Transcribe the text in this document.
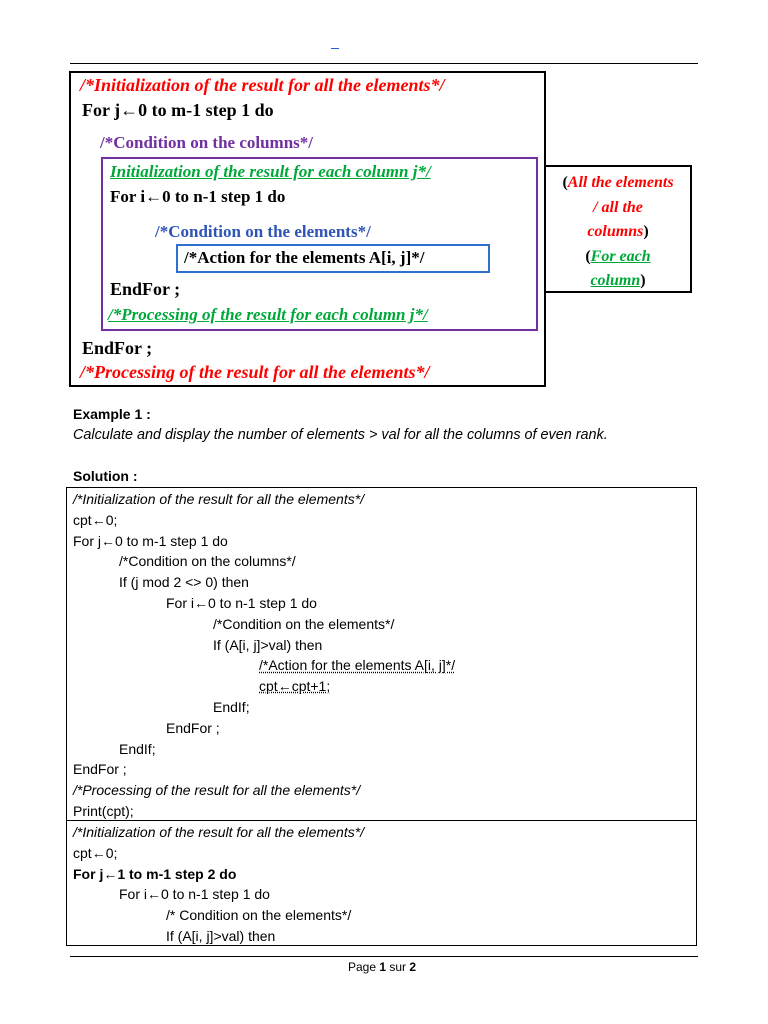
/*Initialization of the result for all the elements*/
For j←0 to m-1 step 1 do
/*Condition on the columns*/
Initialization of the result for each column j*/
For i←0 to n-1 step 1 do
/*Condition on the elements*/
/*Action for the elements A[i, j]*/
EndFor ;
/*Processing of the result for each column j*/
EndFor ;
/*Processing of the result for all the elements*/
(All the elements
/ all the
columns)
(For each
column)
Example 1 :
Calculate and display the number of elements > val for all the columns of even rank.
Solution :
/*Initialization of the result for all the elements*/
cpt←0;
For j←0 to m-1 step 1 do
/*Condition on the columns*/
If (j mod 2 <> 0) then
For i←0 to n-1 step 1 do
/*Condition on the elements*/
If (A[i, j]>val) then
/*Action for the elements A[i, j]*/
cpt←cpt+1;
EndIf;
EndFor ;
EndIf;
EndFor ;
/*Processing of the result for all the elements*/
Print(cpt);
/*Initialization of the result for all the elements*/
cpt←0;
For j←1 to m-1 step 2 do
For i←0 to n-1 step 1 do
/* Condition on the elements*/
If (A[i, j]>val) then
Page 1 sur 2
